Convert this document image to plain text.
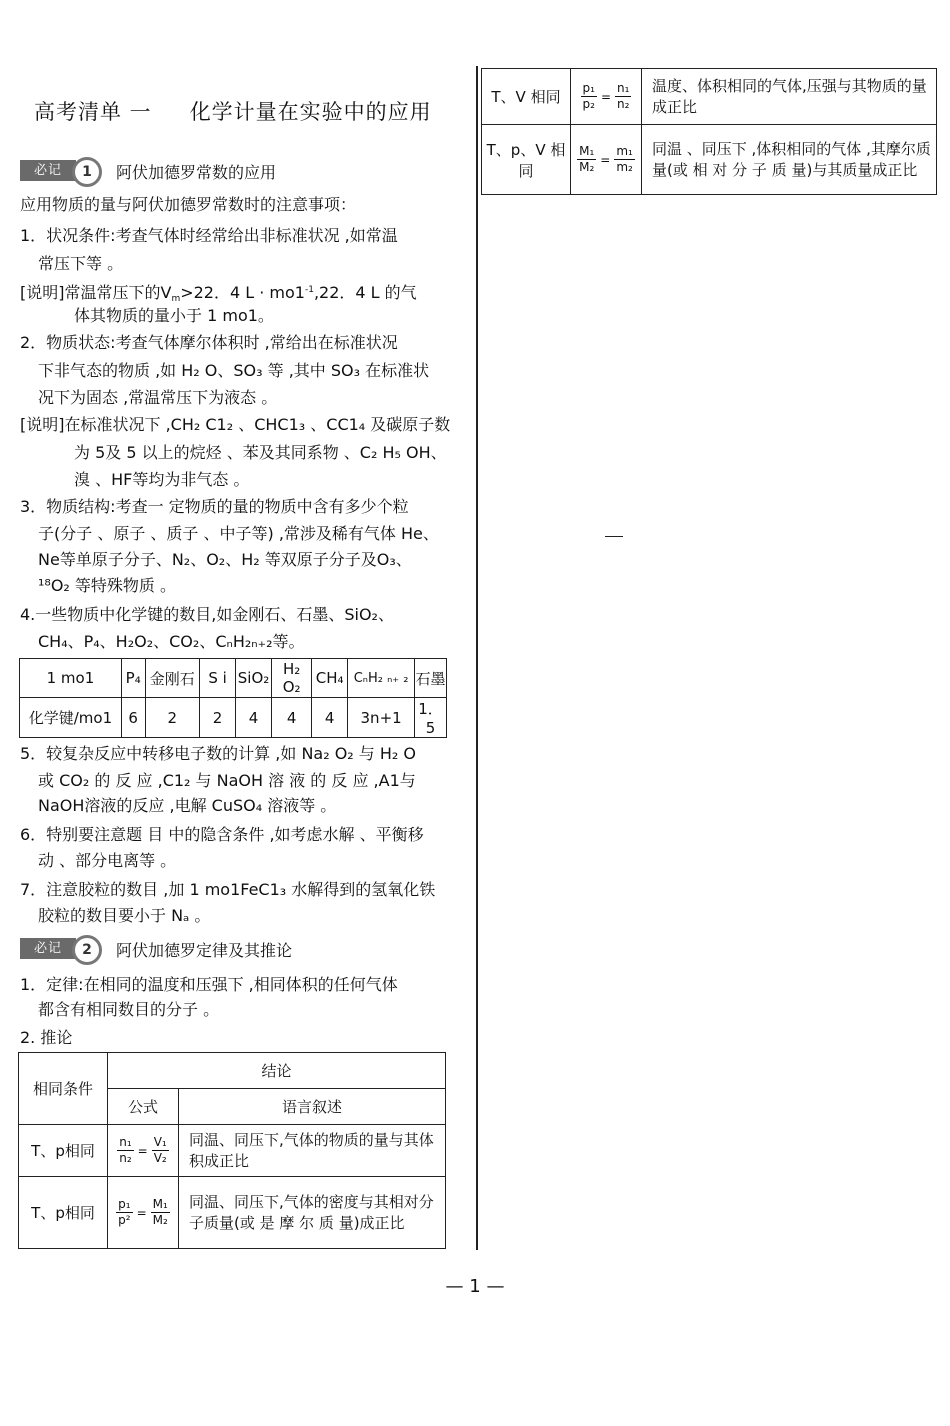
高考清单 一 化学计量在实验中的应用
必记	1	阿伏加德罗常数的应用
应用物质的量与阿伏加德罗常数时的注意事项：
1．状况条件:考查气体时经常给出非标准状况 ,如常温
常压下等 。
[说明]常温常压下的$V_m>22$．4 $L \cdot mo1^{-1},22$．4 L 的气
体其物质的量小于 1 mo1。
2．物质状态:考查气体摩尔体积时 ,常给出在标准状况
下非气态的物质 ,如 H₂ O、SO₃ 等 ,其中 SO₃ 在标准状
况下为固态 ,常温常压下为液态 。
[说明]在标准状况下 ,CH₂ C1₂ 、CHC1₃ 、CC1₄ 及碳原子数
为 5及 5 以上的烷烃 、苯及其同系物 、C₂ H₅ OH、
溴 、HF等均为非气态 。
3．物质结构:考查一 定物质的量的物质中含有多少个粒
子(分子 、原子 、质子 、中子等) ,常涉及稀有气体 He、
Ne等单原子分子、N₂、O₂、H₂ 等双原子分子及O₃、
¹⁸O₂ 等特殊物质 。
4.一些物质中化学键的数目,如金刚石、石墨、SiO₂、
CH₄、P₄、H₂O₂、CO₂、CₙH₂ₙ₊₂等。
1 mo1	P₄	金刚石	S i	SiO₂	H₂ O₂	CH₄	CₙH₂ ₙ₊ ₂	石墨
化学键/mo1	6	2	2	4	4	4	3n+1	1．5
5．较复杂反应中转移电子数的计算 ,如 Na₂ O₂ 与 H₂ O
或 CO₂ 的 反 应 ,C1₂ 与 NaOH 溶 液 的 反 应 ,A1与
NaOH溶液的反应 ,电解 CuSO₄ 溶液等 。
6．特别要注意题 目 中的隐含条件 ,如考虑水解 、平衡移
动 、部分电离等 。
7．注意胶粒的数目 ,加 1 mo1FeC1₃ 水解得到的氢氧化铁
胶粒的数目要小于 Nₐ 。
必记	2	阿伏加德罗定律及其推论
1．定律:在相同的温度和压强下 ,相同体积的任何气体
都含有相同数目的分子 。
2. 推论
相同条件	结论	
	公式	语言叙述
T、p相同	$\frac{\text{n₁}}{\text{n₂}} = \frac{\text{V₁}}{\text{V₂}}$	同温、同压下,气体的物质的量与其体积成正比
T、p相同	$\frac{\text{p₁}}{\text{p²}} = \frac{\text{M₁}}{\text{M₂}}$	同温、同压下,气体的密度与其相对分子质量(或 是 摩 尔 质 量)成正比
T、V 相同	$\frac{\text{p₁}}{\text{p₂}} = \frac{\text{n₁}}{\text{n₂}}$	温度、体积相同的气体,压强与其物质的量成正比
T、p、V 相同	$\frac{\text{M₁}}{\text{M₂}} = \frac{\text{m₁}}{\text{m₂}}$	同温 、同压下 ,体积相同的气体 ,其摩尔质量(或 相 对 分 子 质 量)与其质量成正比
— 1 —
